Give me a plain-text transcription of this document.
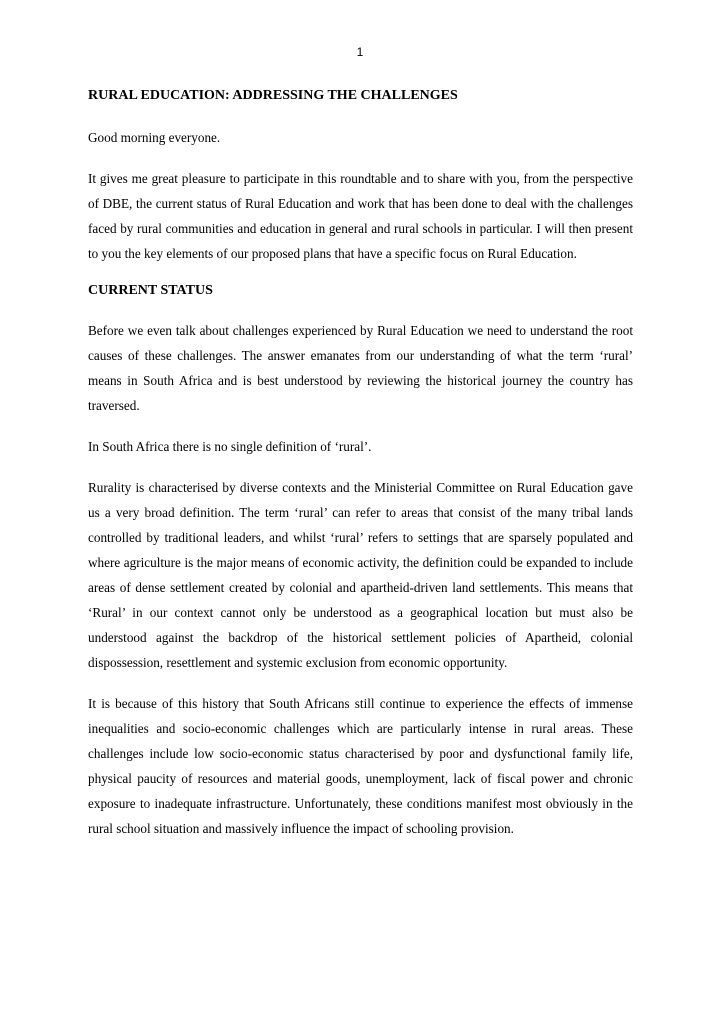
1
RURAL EDUCATION: ADDRESSING THE CHALLENGES

Good morning everyone.

It gives me great pleasure to participate in this roundtable and to share with you, from the perspective of DBE, the current status of Rural Education and work that has been done to deal with the challenges faced by rural communities and education in general and rural schools in particular. I will then present to you the key elements of our proposed plans that have a specific focus on Rural Education.

CURRENT STATUS

Before we even talk about challenges experienced by Rural Education we need to understand the root causes of these challenges. The answer emanates from our understanding of what the term ‘rural’ means in South Africa and is best understood by reviewing the historical journey the country has traversed.

In South Africa there is no single definition of ‘rural’.

Rurality is characterised by diverse contexts and the Ministerial Committee on Rural Education gave us a very broad definition. The term ‘rural’ can refer to areas that consist of the many tribal lands controlled by traditional leaders, and whilst ‘rural’ refers to settings that are sparsely populated and where agriculture is the major means of economic activity, the definition could be expanded to include areas of dense settlement created by colonial and apartheid-driven land settlements. This means that ‘Rural’ in our context cannot only be understood as a geographical location but must also be understood against the backdrop of the historical settlement policies of Apartheid, colonial dispossession, resettlement and systemic exclusion from economic opportunity.

It is because of this history that South Africans still continue to experience the effects of immense inequalities and socio-economic challenges which are particularly intense in rural areas. These challenges include low socio-economic status characterised by poor and dysfunctional family life, physical paucity of resources and material goods, unemployment, lack of fiscal power and chronic exposure to inadequate infrastructure. Unfortunately, these conditions manifest most obviously in the rural school situation and massively influence the impact of schooling provision.
